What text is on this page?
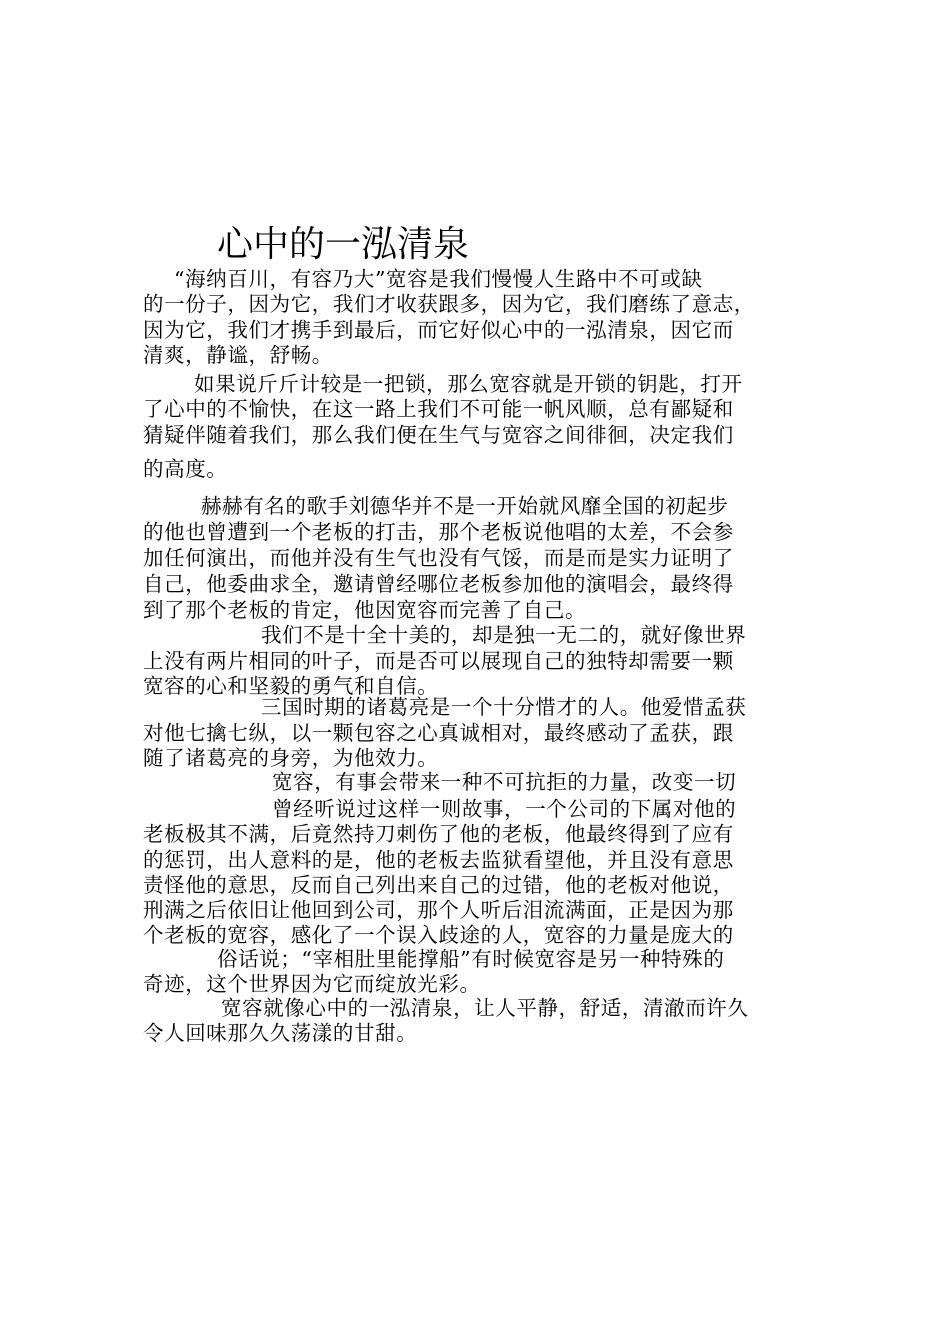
心中的一泓清泉
“海纳百川，有容乃大”宽容是我们慢慢人生路中不可或缺
的一份子，因为它，我们才收获跟多，因为它，我们磨练了意志，
因为它，我们才携手到最后，而它好似心中的一泓清泉，因它而
清爽，静谧，舒畅。
如果说斤斤计较是一把锁，那么宽容就是开锁的钥匙，打开
了心中的不愉快，在这一路上我们不可能一帆风顺，总有鄙疑和
猜疑伴随着我们，那么我们便在生气与宽容之间徘徊，决定我们
的高度。
赫赫有名的歌手刘德华并不是一开始就风靡全国的初起步
的他也曾遭到一个老板的打击，那个老板说他唱的太差，不会参
加任何演出，而他并没有生气也没有气馁，而是而是实力证明了
自己，他委曲求全，邀请曾经哪位老板参加他的演唱会，最终得
到了那个老板的肯定，他因宽容而完善了自己。
我们不是十全十美的，却是独一无二的，就好像世界
上没有两片相同的叶子，而是否可以展现自己的独特却需要一颗
宽容的心和坚毅的勇气和自信。
三国时期的诸葛亮是一个十分惜才的人。他爱惜孟获
对他七擒七纵，以一颗包容之心真诚相对，最终感动了孟获，跟
随了诸葛亮的身旁，为他效力。
宽容，有事会带来一种不可抗拒的力量，改变一切
曾经听说过这样一则故事，一个公司的下属对他的
老板极其不满，后竟然持刀刺伤了他的老板，他最终得到了应有
的惩罚，出人意料的是，他的老板去监狱看望他，并且没有意思
责怪他的意思，反而自己列出来自己的过错，他的老板对他说，
刑满之后依旧让他回到公司，那个人听后泪流满面，正是因为那
个老板的宽容，感化了一个误入歧途的人，宽容的力量是庞大的
俗话说；“宰相肚里能撑船”有时候宽容是另一种特殊的
奇迹，这个世界因为它而绽放光彩。
宽容就像心中的一泓清泉，让人平静，舒适，清澈而许久
令人回味那久久荡漾的甘甜。
